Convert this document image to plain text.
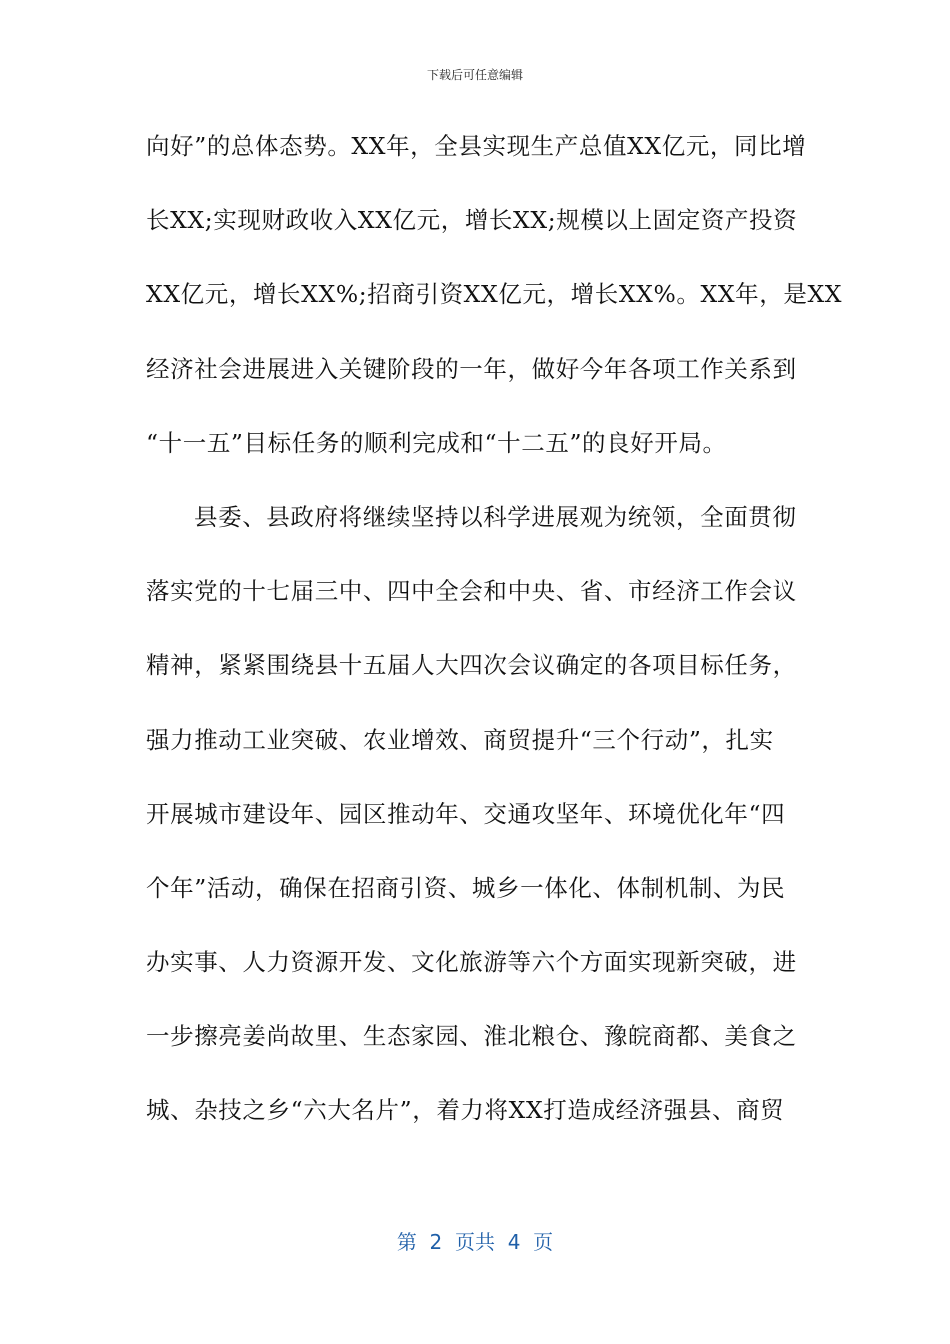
下载后可任意编辑
向好”的总体态势。XX年，全县实现生产总值XX亿元，同比增
长XX;实现财政收入XX亿元，增长XX;规模以上固定资产投资
XX亿元，增长XX%;招商引资XX亿元，增长XX%。XX年，是XX
经济社会进展进入关键阶段的一年，做好今年各项工作关系到
“十一五”目标任务的顺利完成和“十二五”的良好开局。
县委、县政府将继续坚持以科学进展观为统领，全面贯彻
落实党的十七届三中、四中全会和中央、省、市经济工作会议
精神，紧紧围绕县十五届人大四次会议确定的各项目标任务，
强力推动工业突破、农业增效、商贸提升“三个行动”，扎实
开展城市建设年、园区推动年、交通攻坚年、环境优化年“四
个年”活动，确保在招商引资、城乡一体化、体制机制、为民
办实事、人力资源开发、文化旅游等六个方面实现新突破，进
一步擦亮姜尚故里、生态家园、淮北粮仓、豫皖商都、美食之
城、杂技之乡“六大名片”，着力将XX打造成经济强县、商贸
第  2  页共  4  页
